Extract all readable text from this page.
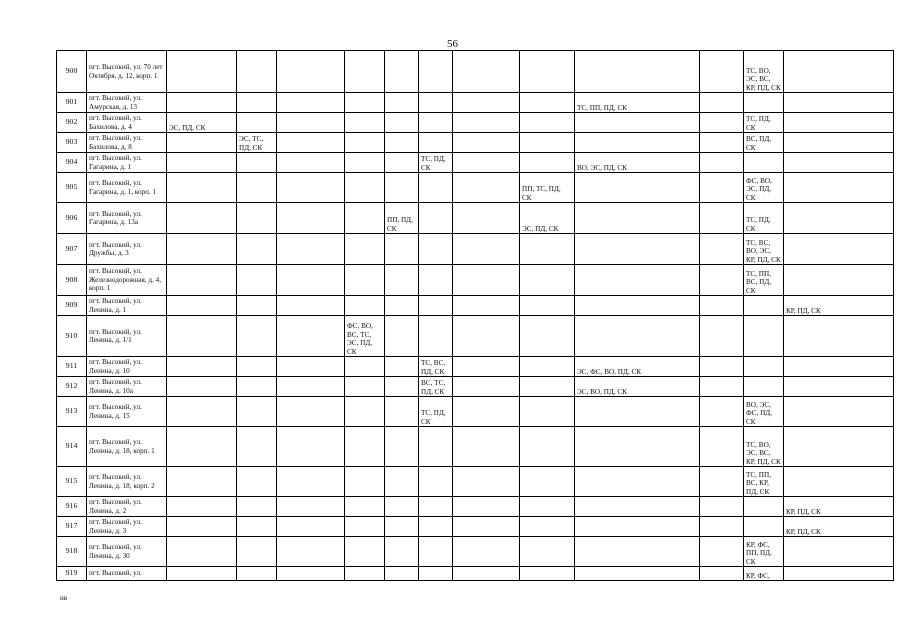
56
900	пгт. Высокий, ул. 70 лет Октября, д. 12, корп. 1											ТС, ВО, ЭС, ВС, КР, ПД, СК	
901	пгт. Высокий, ул. Амурская, д. 13									ТС, ПП, ПД, СК			
902	пгт. Высокий, ул. Бахилова, д. 4	ЭС, ПД, СК										ТС, ПД, СК	
903	пгт. Высокий, ул. Бахилова, д. 8		ЭС, ТС, ПД, СК									ВС, ПД, СК	
904	пгт. Высокий, ул. Гагарина, д. 1						ТС, ПД, СК			ВО, ЭС, ПД, СК			
905	пгт. Высокий, ул. Гагарина, д. 1, корп. 1								ПП, ТС, ПД, СК			ФС, ВО, ЭС, ПД, СК	
906	пгт. Высокий, ул. Гагарина, д. 13а					ПП, ПД, СК			ЭС, ПД, СК			ТС, ПД, СК	
907	пгт. Высокий, ул. Дружбы, д. 3											ТС, ВС, ВО, ЭС, КР, ПД, СК	
908	пгт. Высокий, ул. Железнодорожная, д. 4, корп. 1											ТС, ПП, ВС, ПД, СК	
909	пгт. Высокий, ул. Ленина, д. 1												КР, ПД, СК
910	пгт. Высокий, ул. Ленина, д. 1/1				ФС, ВО, ВС, ТС, ЭС, ПД, СК								
911	пгт. Высокий, ул. Ленина, д. 10						ТС, ВС, ПД, СК			ЭС, ФС, ВО, ПД, СК			
912	пгт. Высокий, ул. Ленина, д. 10а						ВС, ТС, ПД, СК			ЭС, ВО, ПД, СК			
913	пгт. Высокий, ул. Ленина, д. 15						ТС, ПД, СК					ВО, ЭС, ФС, ПД, СК	
914	пгт. Высокий, ул. Ленина, д. 18, корп. 1											ТС, ВО, ЭС, ВС, КР, ПД, СК	
915	пгт. Высокий, ул. Ленина, д. 18, корп. 2											ТС, ПП, ВС, КР, ПД, СК	
916	пгт. Высокий, ул. Ленина, д. 2												КР, ПД, СК
917	пгт. Высокий, ул. Ленина, д. 3												КР, ПД, СК
918	пгт. Высокий, ул. Ленина, д. 30											КР, ФС, ПП, ПД, СК	
919	пгт. Высокий, ул.											КР, ФС,	
ив
